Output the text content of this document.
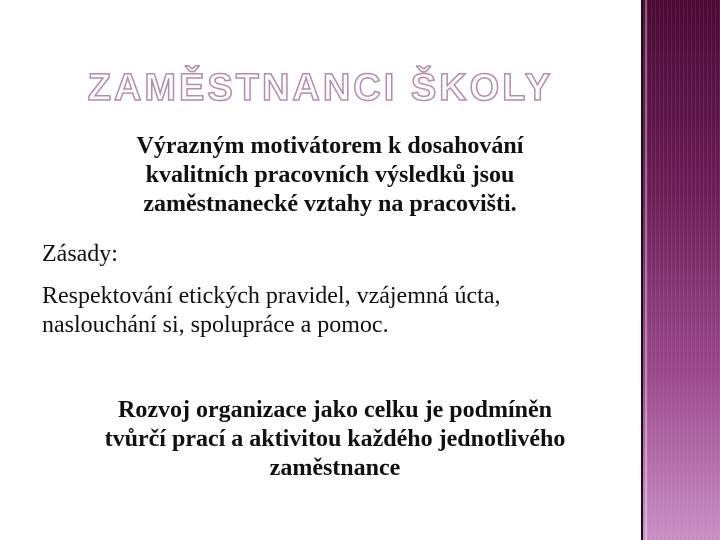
ZAMĚSTNANCI ŠKOLY

Výrazným motivátorem k dosahování
kvalitních pracovních výsledků jsou
zaměstnanecké vztahy na pracovišti.

Zásady:

Respektování etických pravidel, vzájemná úcta,
naslouchání si, spolupráce a pomoc.

Rozvoj organizace jako celku je podmíněn
tvůrčí prací a aktivitou každého jednotlivého
zaměstnance
